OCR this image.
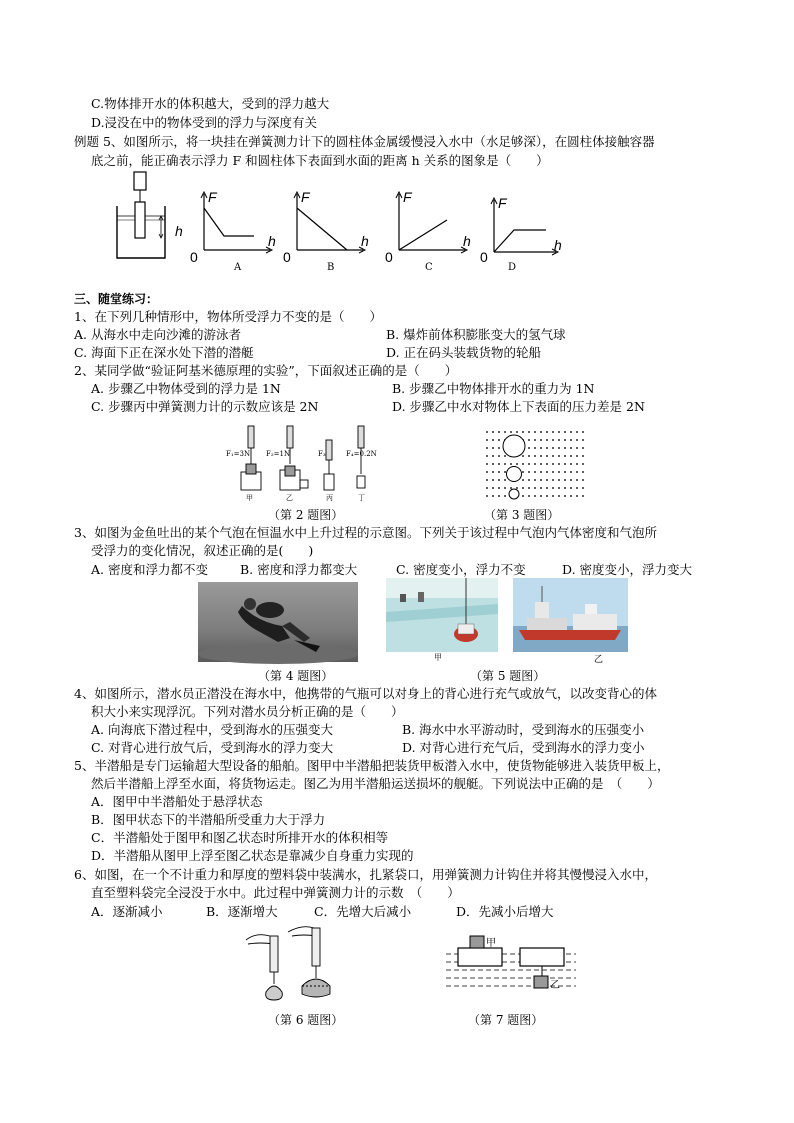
C.物体排开水的体积越大，受到的浮力越大
D.浸没在中的物体受到的浮力与深度有关
例题 5、如图所示，将一块挂在弹簧测力计下的圆柱体金属缓慢浸入水中（水足够深），在圆柱体接触容器
底之前，能正确表示浮力 F 和圆柱体下表面到水面的距离 h 关系的图象是（　　）
h
F
h
0
A
F
h
0
B
F
h
0
C
F
h
0
D
三、随堂练习：
1、在下列几种情形中，物体所受浮力不变的是（　　）
A. 从海水中走向沙滩的游泳者	B. 爆炸前体积膨胀变大的氢气球
C. 海面下正在深水处下潜的潜艇	D. 正在码头装载货物的轮船
2、某同学做“验证阿基米德原理的实验”，下面叙述正确的是（　　）
A. 步骤乙中物体受到的浮力是 1N	B. 步骤乙中物体排开水的重力为 1N
C. 步骤丙中弹簧测力计的示数应该是 2N	D. 步骤乙中水对物体上下表面的压力差是 2N
F₁=3N F₂=1N	F₃	F₄=0.2N
甲	乙	丙	丁
（第 2 题图）	（第 3 题图）
3、如图为金鱼吐出的某个气泡在恒温水中上升过程的示意图。下列关于该过程中气泡内气体密度和气泡所
受浮力的变化情况，叙述正确的是(　　)
A. 密度和浮力都不变	B. 密度和浮力都变大	C. 密度变小，浮力不变	D. 密度变小，浮力变大
（第 4 题图）
甲	乙
（第 5 题图）
4、如图所示，潜水员正潜没在海水中，他携带的气瓶可以对身上的背心进行充气或放气，以改变背心的体
积大小来实现浮沉。下列对潜水员分析正确的是（　　）
A. 向海底下潜过程中，受到海水的压强变大	B. 海水中水平游动时，受到海水的压强变小
C. 对背心进行放气后，受到海水的浮力变大	D. 对背心进行充气后，受到海水的浮力变小
5、半潜船是专门运输超大型设备的船舶。图甲中半潜船把装货甲板潜入水中，使货物能够进入装货甲板上，
然后半潜船上浮至水面，将货物运走。图乙为用半潜船运送损坏的舰艇。下列说法中正确的是　（　　）
A．图甲中半潜船处于悬浮状态
B．图甲状态下的半潜船所受重力大于浮力
C．半潜船处于图甲和图乙状态时所排开水的体积相等
D．半潜船从图甲上浮至图乙状态是靠减少自身重力实现的
6、如图，在一个不计重力和厚度的塑料袋中装满水，扎紧袋口，用弹簧测力计钩住并将其慢慢浸入水中，
直至塑料袋完全浸没于水中。此过程中弹簧测力计的示数　（　　）
A．逐渐减小	B．逐渐增大	C．先增大后减小	D．先减小后增大
（第 6 题图）
甲
乙
（第 7 题图）
